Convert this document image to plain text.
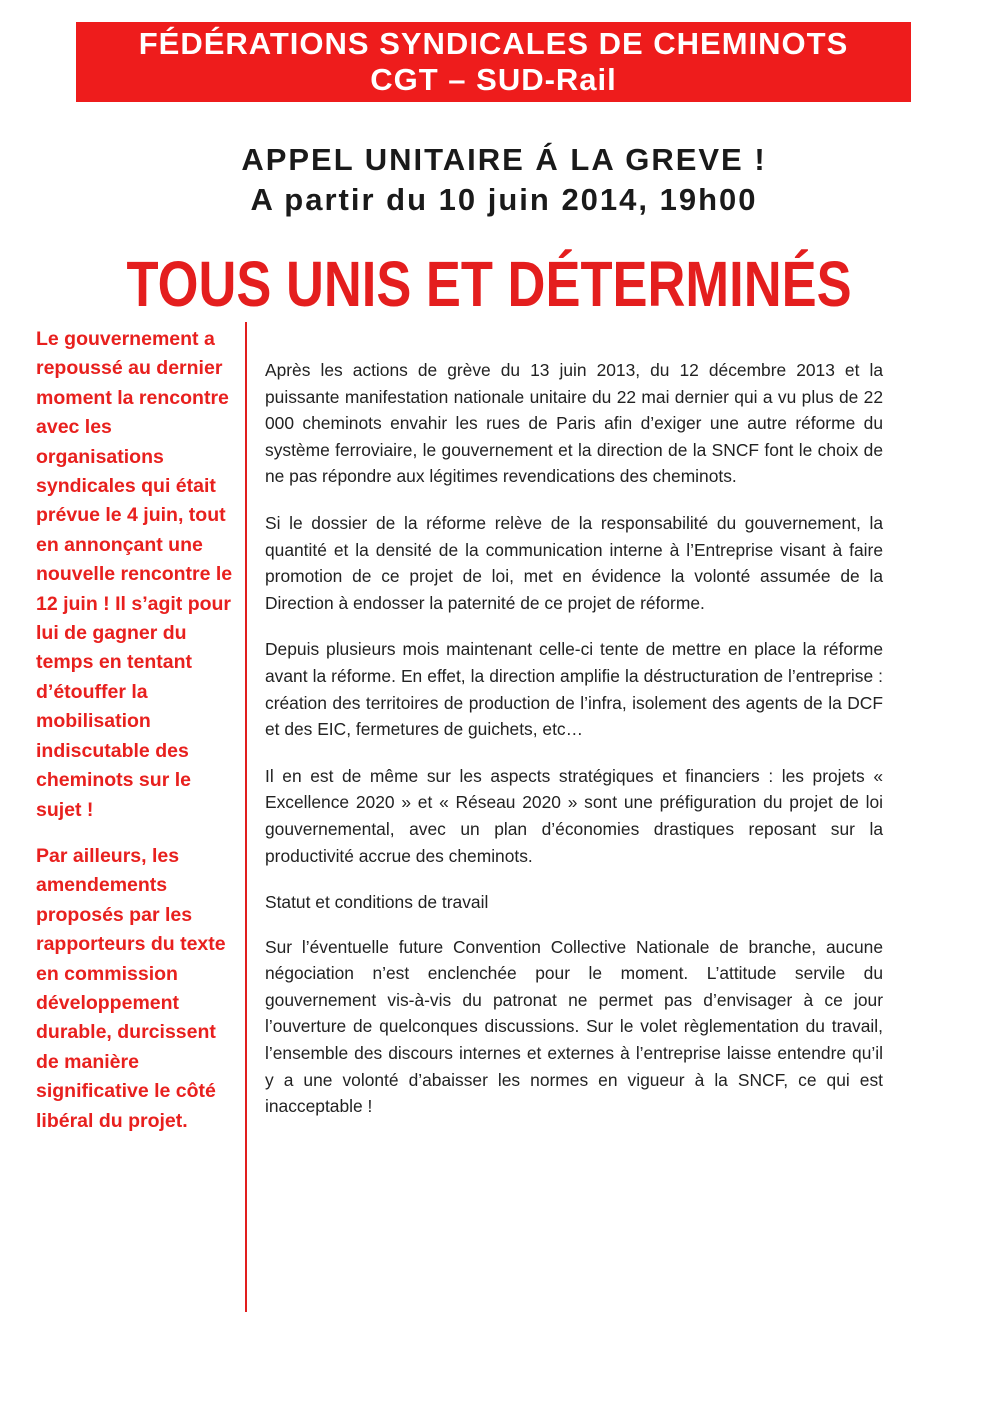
FÉDÉRATIONS SYNDICALES DE CHEMINOTS
CGT – SUD-Rail
APPEL UNITAIRE Á LA GREVE !
A partir du 10 juin 2014, 19h00
TOUS UNIS ET DÉTERMINÉS

Le gouvernement a repoussé au dernier moment la rencontre avec les organisations syndicales qui était prévue le 4 juin, tout en annonçant une nouvelle rencontre le 12 juin ! Il s’agit pour lui de gagner du temps en tentant d’étouffer la mobilisation indiscutable des cheminots sur le sujet !

Par ailleurs, les amendements proposés par les rapporteurs du texte en commission développement durable, durcissent de manière significative le côté libéral du projet.

Après les actions de grève du 13 juin 2013, du 12 décembre 2013 et la puissante manifestation nationale unitaire du 22 mai dernier qui a vu plus de 22 000 cheminots envahir les rues de Paris afin d’exiger une autre réforme du système ferroviaire, le gouvernement et la direction de la SNCF font le choix de ne pas répondre aux légitimes revendications des cheminots.

Si le dossier de la réforme relève de la responsabilité du gouvernement, la quantité et la densité de la communication interne à l’Entreprise visant à faire promotion de ce projet de loi, met en évidence la volonté assumée de la Direction à endosser la paternité de ce projet de réforme.

Depuis plusieurs mois maintenant celle-ci tente de mettre en place la réforme avant la réforme. En effet, la direction amplifie la déstructuration de l’entreprise : création des territoires de production de l’infra, isolement des agents de la DCF et des EIC, fermetures de guichets, etc…

Il en est de même sur les aspects stratégiques et financiers : les projets « Excellence 2020 » et « Réseau 2020 » sont une préfiguration du projet de loi gouvernemental, avec un plan d’économies drastiques reposant sur la productivité accrue des cheminots.

Statut et conditions de travail

Sur l’éventuelle future Convention Collective Nationale de branche, aucune négociation n’est enclenchée pour le moment. L’attitude servile du gouvernement vis-à-vis du patronat ne permet pas d’envisager à ce jour l’ouverture de quelconques discussions. Sur le volet règlementation du travail, l’ensemble des discours internes et externes à l’entreprise laisse entendre qu’il y a une volonté d’abaisser les normes en vigueur à la SNCF, ce qui est inacceptable !
